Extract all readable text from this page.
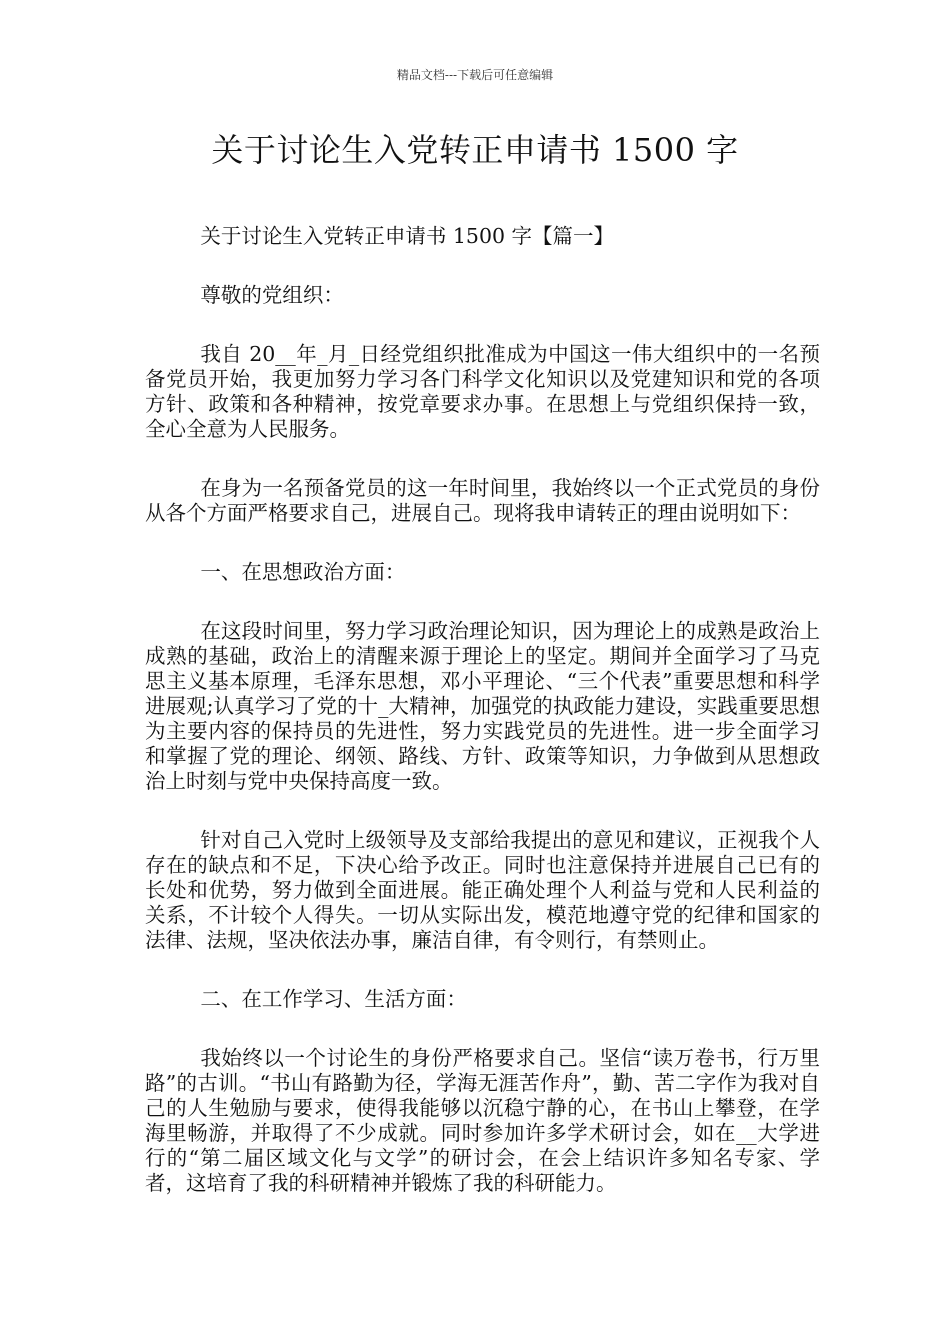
精品文档---下载后可任意编辑
关于讨论生入党转正申请书 1500 字

关于讨论生入党转正申请书 1500 字【篇一】

尊敬的党组织：

我自 20__年_月_日经党组织批准成为中国这一伟大组织中的一名预备党员开始，我更加努力学习各门科学文化知识以及党建知识和党的各项方针、政策和各种精神，按党章要求办事。在思想上与党组织保持一致，全心全意为人民服务。

在身为一名预备党员的这一年时间里，我始终以一个正式党员的身份从各个方面严格要求自己，进展自己。现将我申请转正的理由说明如下：

一、在思想政治方面：

在这段时间里，努力学习政治理论知识，因为理论上的成熟是政治上成熟的基础，政治上的清醒来源于理论上的坚定。期间并全面学习了马克思主义基本原理，毛泽东思想，邓小平理论、“三个代表”重要思想和科学进展观;认真学习了党的十_大精神，加强党的执政能力建设，实践重要思想为主要内容的保持员的先进性，努力实践党员的先进性。进一步全面学习和掌握了党的理论、纲领、路线、方针、政策等知识，力争做到从思想政治上时刻与党中央保持高度一致。

针对自己入党时上级领导及支部给我提出的意见和建议，正视我个人存在的缺点和不足，下决心给予改正。同时也注意保持并进展自己已有的长处和优势，努力做到全面进展。能正确处理个人利益与党和人民利益的关系，不计较个人得失。一切从实际出发，模范地遵守党的纪律和国家的法律、法规，坚决依法办事，廉洁自律，有令则行，有禁则止。

二、在工作学习、生活方面：

我始终以一个讨论生的身份严格要求自己。坚信“读万卷书，行万里路”的古训。“书山有路勤为径，学海无涯苦作舟”，勤、苦二字作为我对自己的人生勉励与要求，使得我能够以沉稳宁静的心，在书山上攀登，在学海里畅游，并取得了不少成就。同时参加许多学术研讨会，如在__大学进行的“第二届区域文化与文学”的研讨会，在会上结识许多知名专家、学者，这培育了我的科研精神并锻炼了我的科研能力。
